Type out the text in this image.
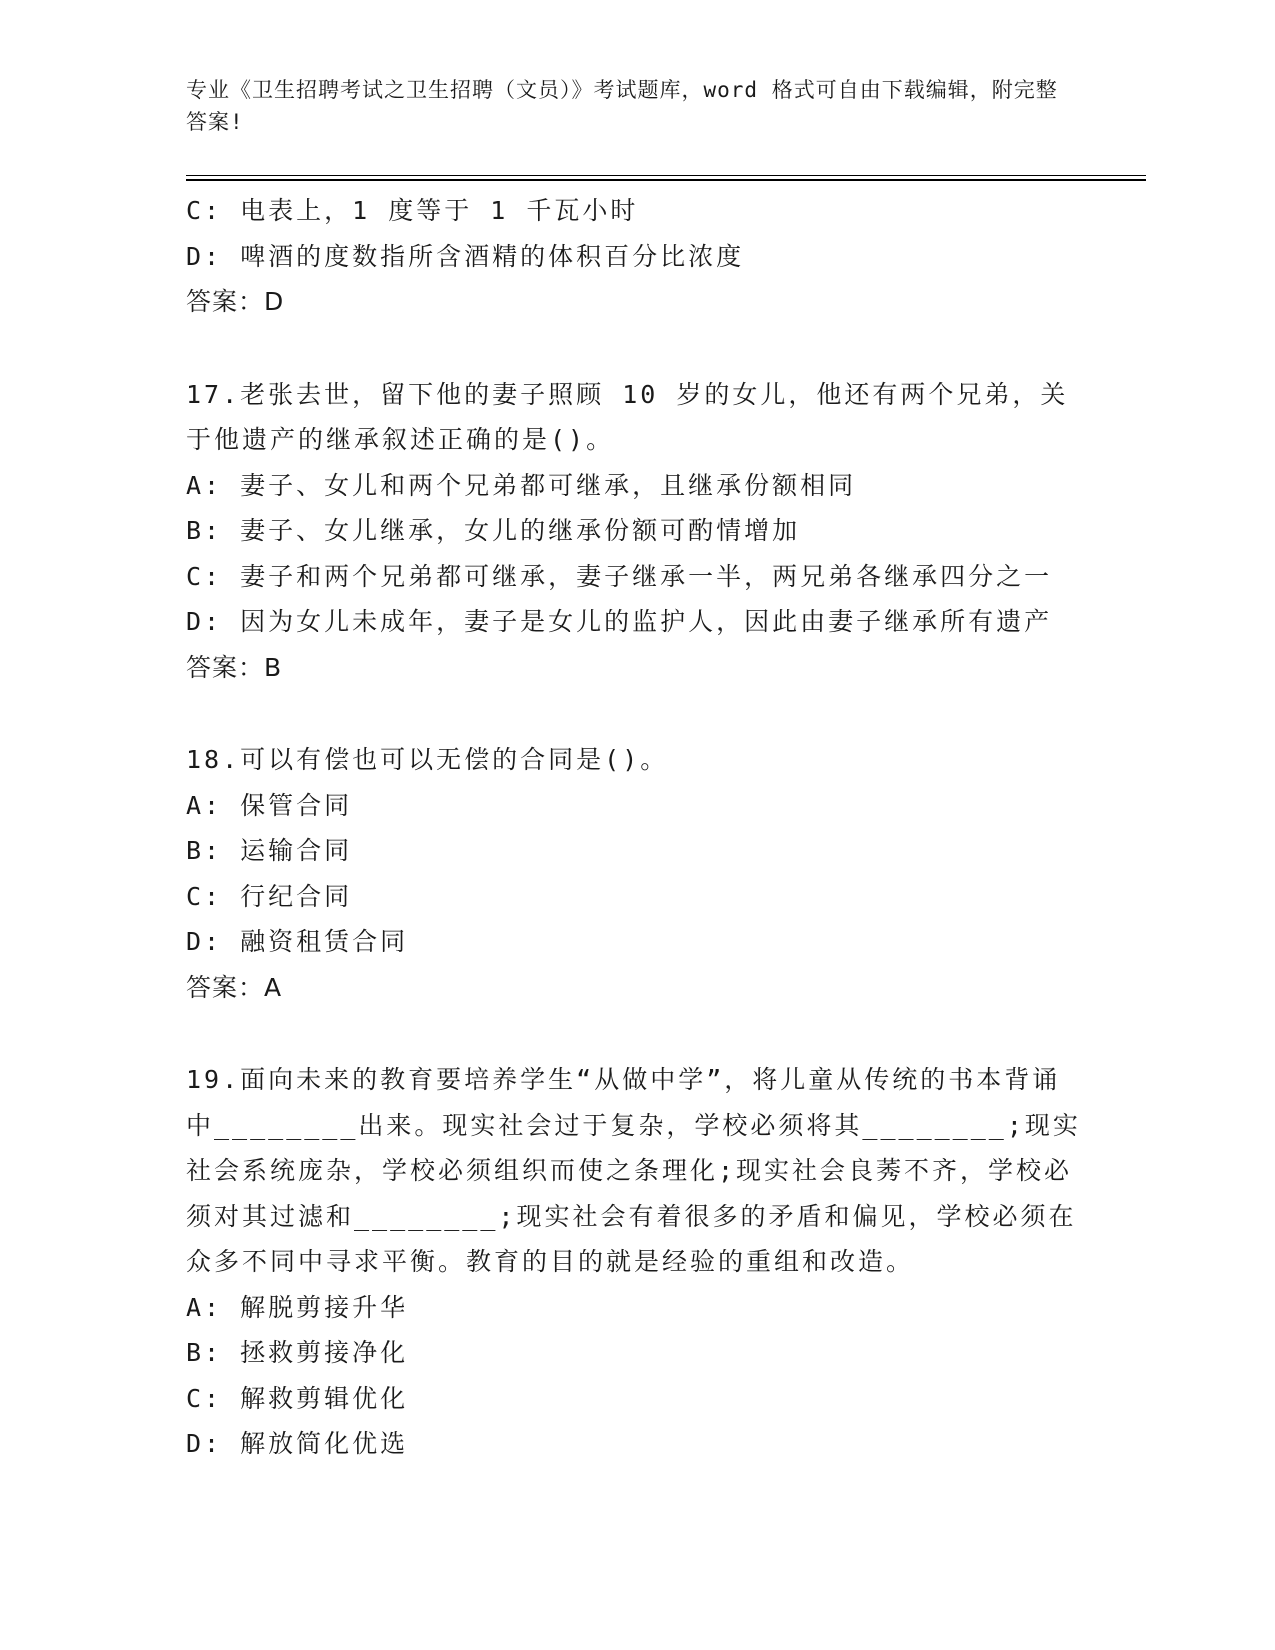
专业《卫生招聘考试之卫生招聘（文员）》考试题库，word 格式可自由下载编辑，附完整答案!
C: 电表上，1 度等于 1 千瓦小时
D: 啤酒的度数指所含酒精的体积百分比浓度
答案：D
17.老张去世，留下他的妻子照顾 10 岁的女儿，他还有两个兄弟，关于他遗产的继承叙述正确的是()。
A: 妻子、女儿和两个兄弟都可继承，且继承份额相同
B: 妻子、女儿继承，女儿的继承份额可酌情增加
C: 妻子和两个兄弟都可继承，妻子继承一半，两兄弟各继承四分之一
D: 因为女儿未成年，妻子是女儿的监护人，因此由妻子继承所有遗产
答案：B
18.可以有偿也可以无偿的合同是()。
A: 保管合同
B: 运输合同
C: 行纪合同
D: 融资租赁合同
答案：A
19.面向未来的教育要培养学生“从做中学”，将儿童从传统的书本背诵中________出来。现实社会过于复杂，学校必须将其________;现实社会系统庞杂，学校必须组织而使之条理化;现实社会良莠不齐，学校必须对其过滤和________;现实社会有着很多的矛盾和偏见，学校必须在众多不同中寻求平衡。教育的目的就是经验的重组和改造。
A: 解脱剪接升华
B: 拯救剪接净化
C: 解救剪辑优化
D: 解放简化优选
